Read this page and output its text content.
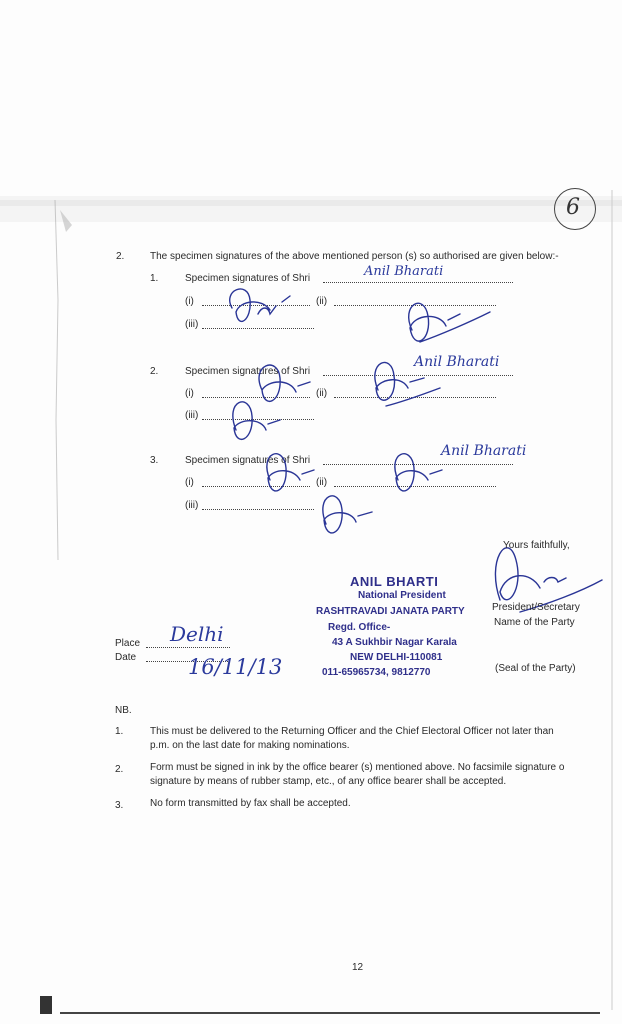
6
2.	The specimen signatures of the above mentioned person (s) so authorised are given below:-
1.	Specimen signatures of Shri	Anil Bharati
(i)	(ii)
(iii)
2.	Specimen signatures of Shri
Anil Bharati
(i)	(ii)
(iii)
3.	Specimen signatures of Shri
Anil Bharati
(i)	(ii)
(iii)
Yours faithfully,
ANIL BHARTI
National President
RASHTRAVADI JANATA PARTY
Regd. Office-
43 A Sukhbir Nagar Karala
NEW DELHI-110081
011-65965734, 9812770
President/Secretary
Name of the Party
(Seal of the Party)
Place Delhi
Date 16/11/13
NB.
1.	This must be delivered to the Returning Officer and the Chief Electoral Officer not later than
p.m. on the last date for making nominations.
2.	Form must be signed in ink by the office bearer (s) mentioned above. No facsimile signature o
signature by means of rubber stamp, etc., of any office bearer shall be accepted.
3.	No form transmitted by fax shall be accepted.
12
